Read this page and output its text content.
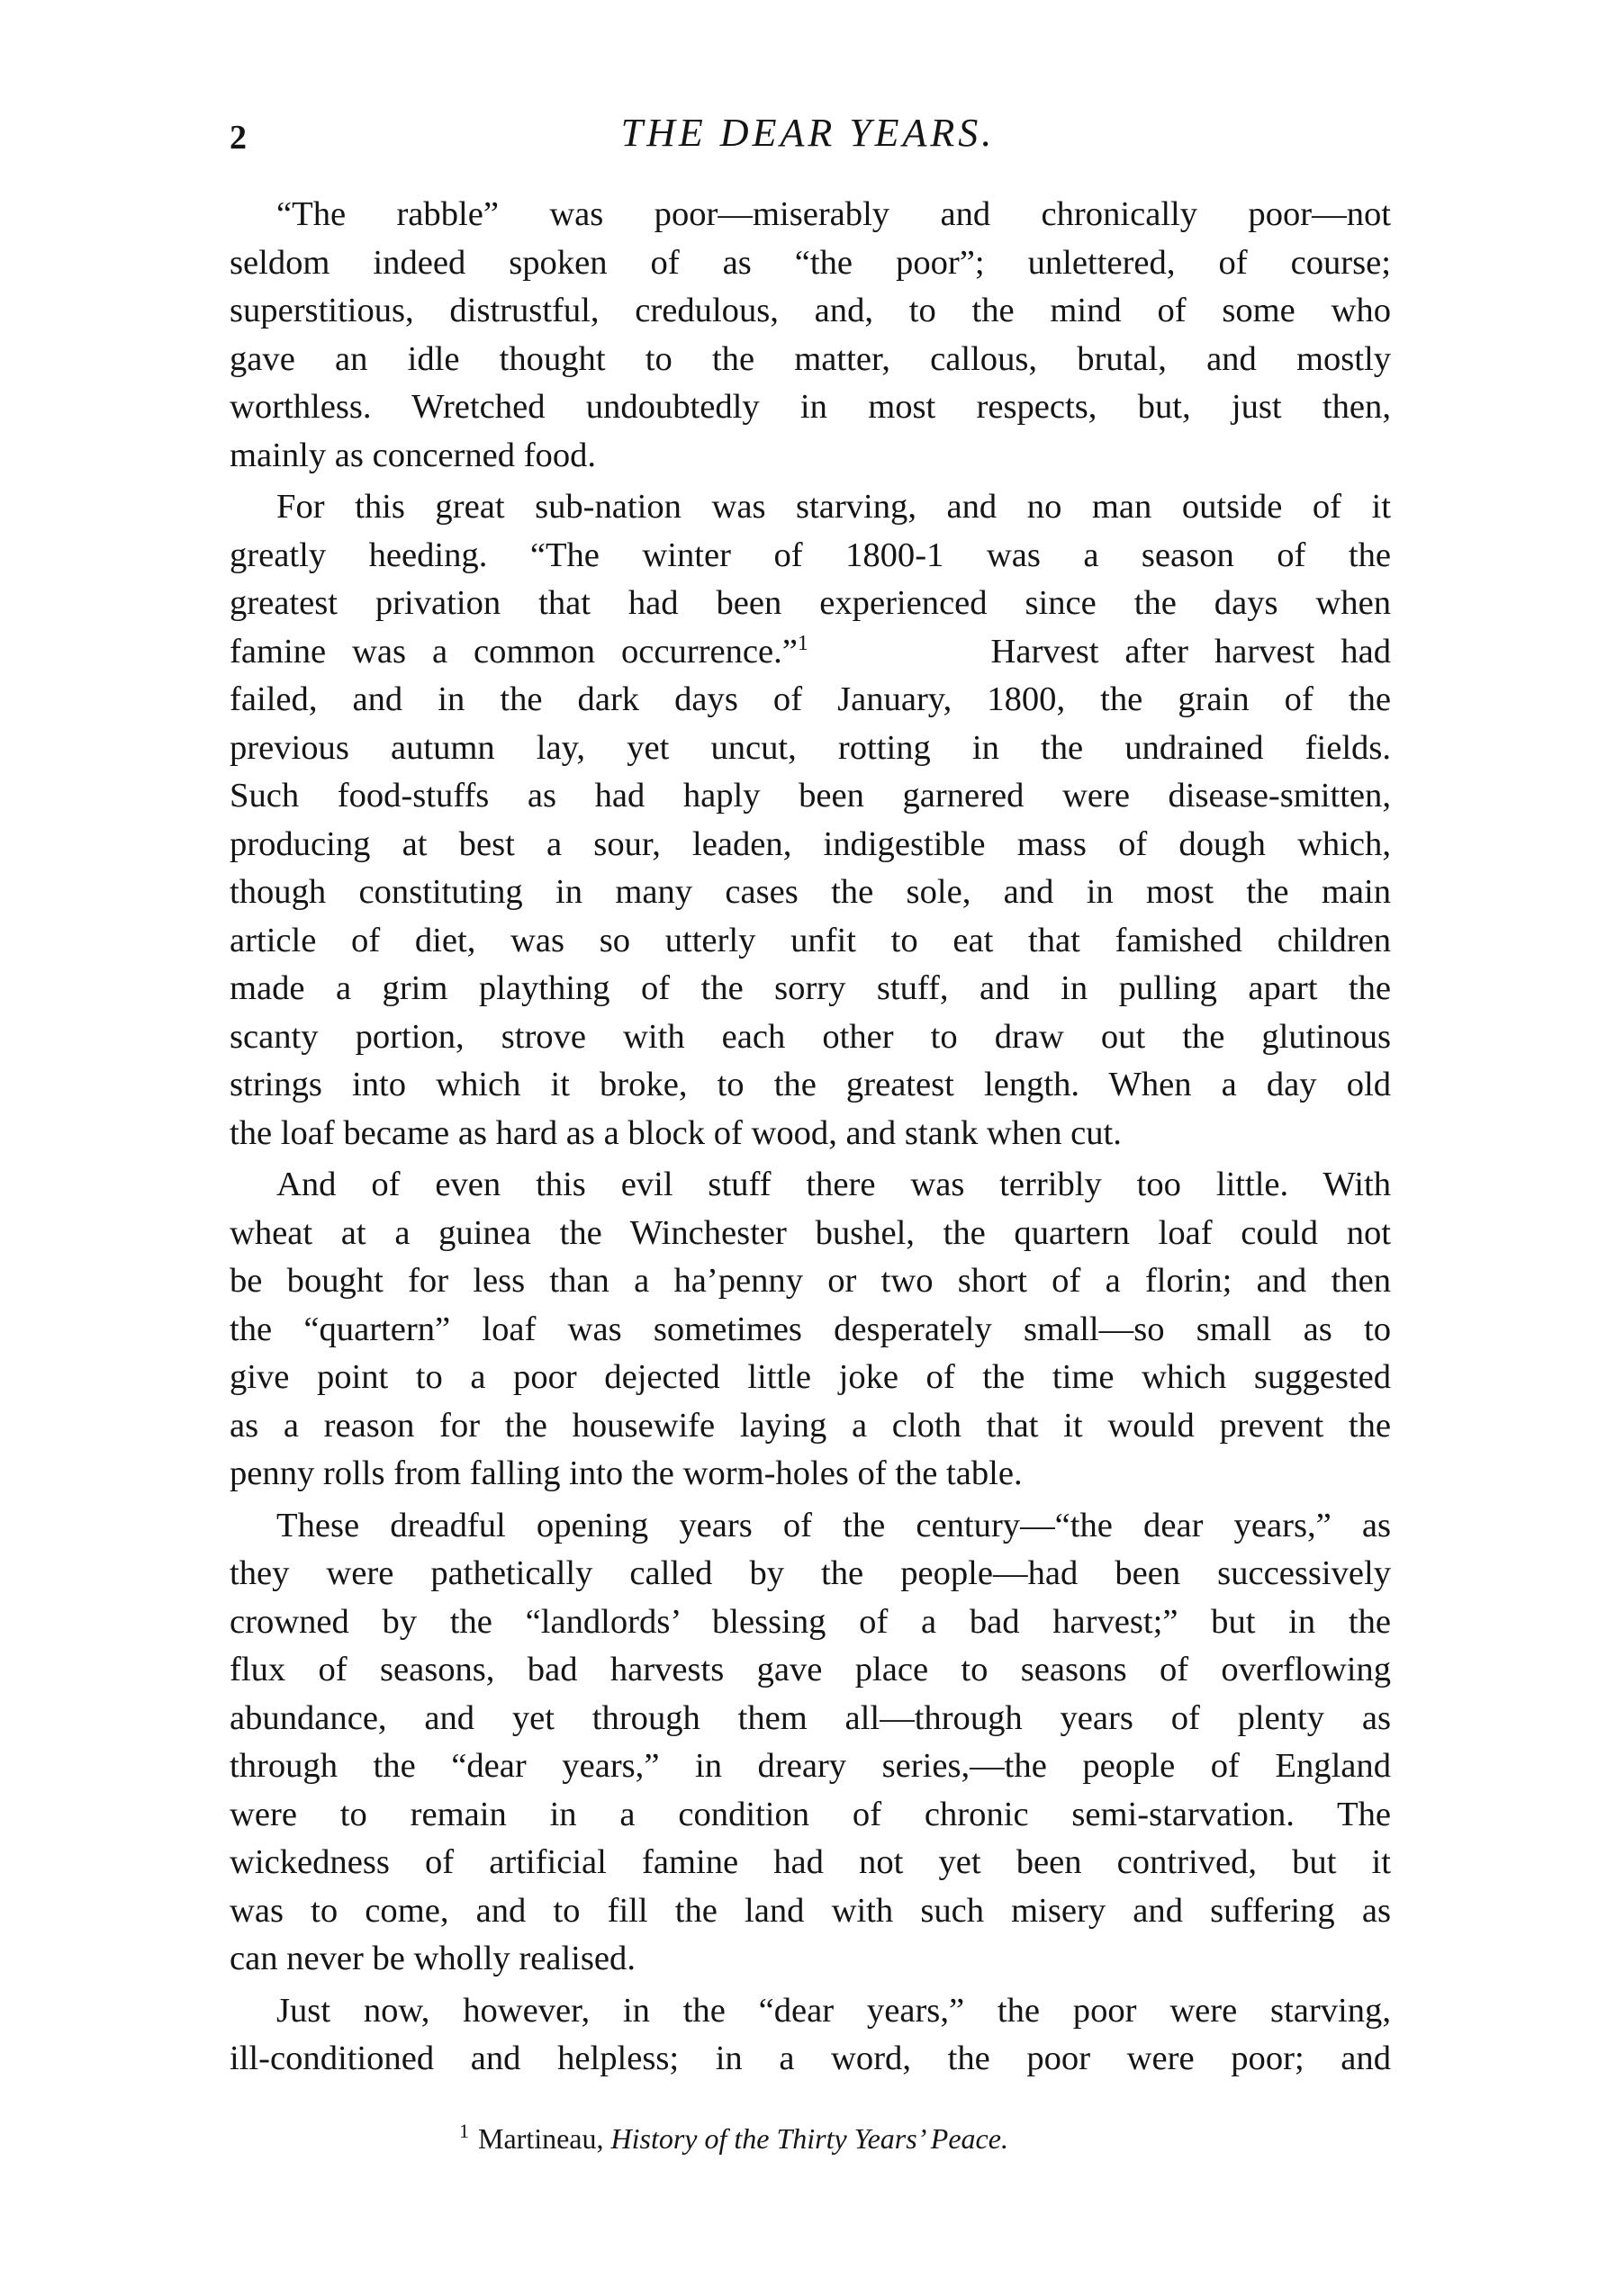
2	THE DEAR YEARS.

“The rabble” was poor—miserably and chronically poor—not
seldom indeed spoken of as “the poor”; unlettered, of course;
superstitious, distrustful, credulous, and, to the mind of some who
gave an idle thought to the matter, callous, brutal, and mostly
worthless. Wretched undoubtedly in most respects, but, just then,
mainly as concerned food.

For this great sub-nation was starving, and no man outside of it
greatly heeding. “The winter of 1800-1 was a season of the
greatest privation that had been experienced since the days when
famine was a common occurrence.”$^1$	Harvest after harvest had
failed, and in the dark days of January, 1800, the grain of the
previous autumn lay, yet uncut, rotting in the undrained fields.
Such food-stuffs as had haply been garnered were disease-smitten,
producing at best a sour, leaden, indigestible mass of dough which,
though constituting in many cases the sole, and in most the main
article of diet, was so utterly unfit to eat that famished children
made a grim plaything of the sorry stuff, and in pulling apart the
scanty portion, strove with each other to draw out the glutinous
strings into which it broke, to the greatest length. When a day old
the loaf became as hard as a block of wood, and stank when cut.

And of even this evil stuff there was terribly too little. With
wheat at a guinea the Winchester bushel, the quartern loaf could not
be bought for less than a ha’penny or two short of a florin; and then
the “quartern” loaf was sometimes desperately small—so small as to
give point to a poor dejected little joke of the time which suggested
as a reason for the housewife laying a cloth that it would prevent the
penny rolls from falling into the worm-holes of the table.

These dreadful opening years of the century—“the dear years,” as
they were pathetically called by the people—had been successively
crowned by the “landlords’ blessing of a bad harvest;” but in the
flux of seasons, bad harvests gave place to seasons of overflowing
abundance, and yet through them all—through years of plenty as
through the “dear years,” in dreary series,—the people of England
were to remain in a condition of chronic semi-starvation. The
wickedness of artificial famine had not yet been contrived, but it
was to come, and to fill the land with such misery and suffering as
can never be wholly realised.

Just now, however, in the “dear years,” the poor were starving,
ill-conditioned and helpless; in a word, the poor were poor; and

$^1$ Martineau, History of the Thirty Years’ Peace.
